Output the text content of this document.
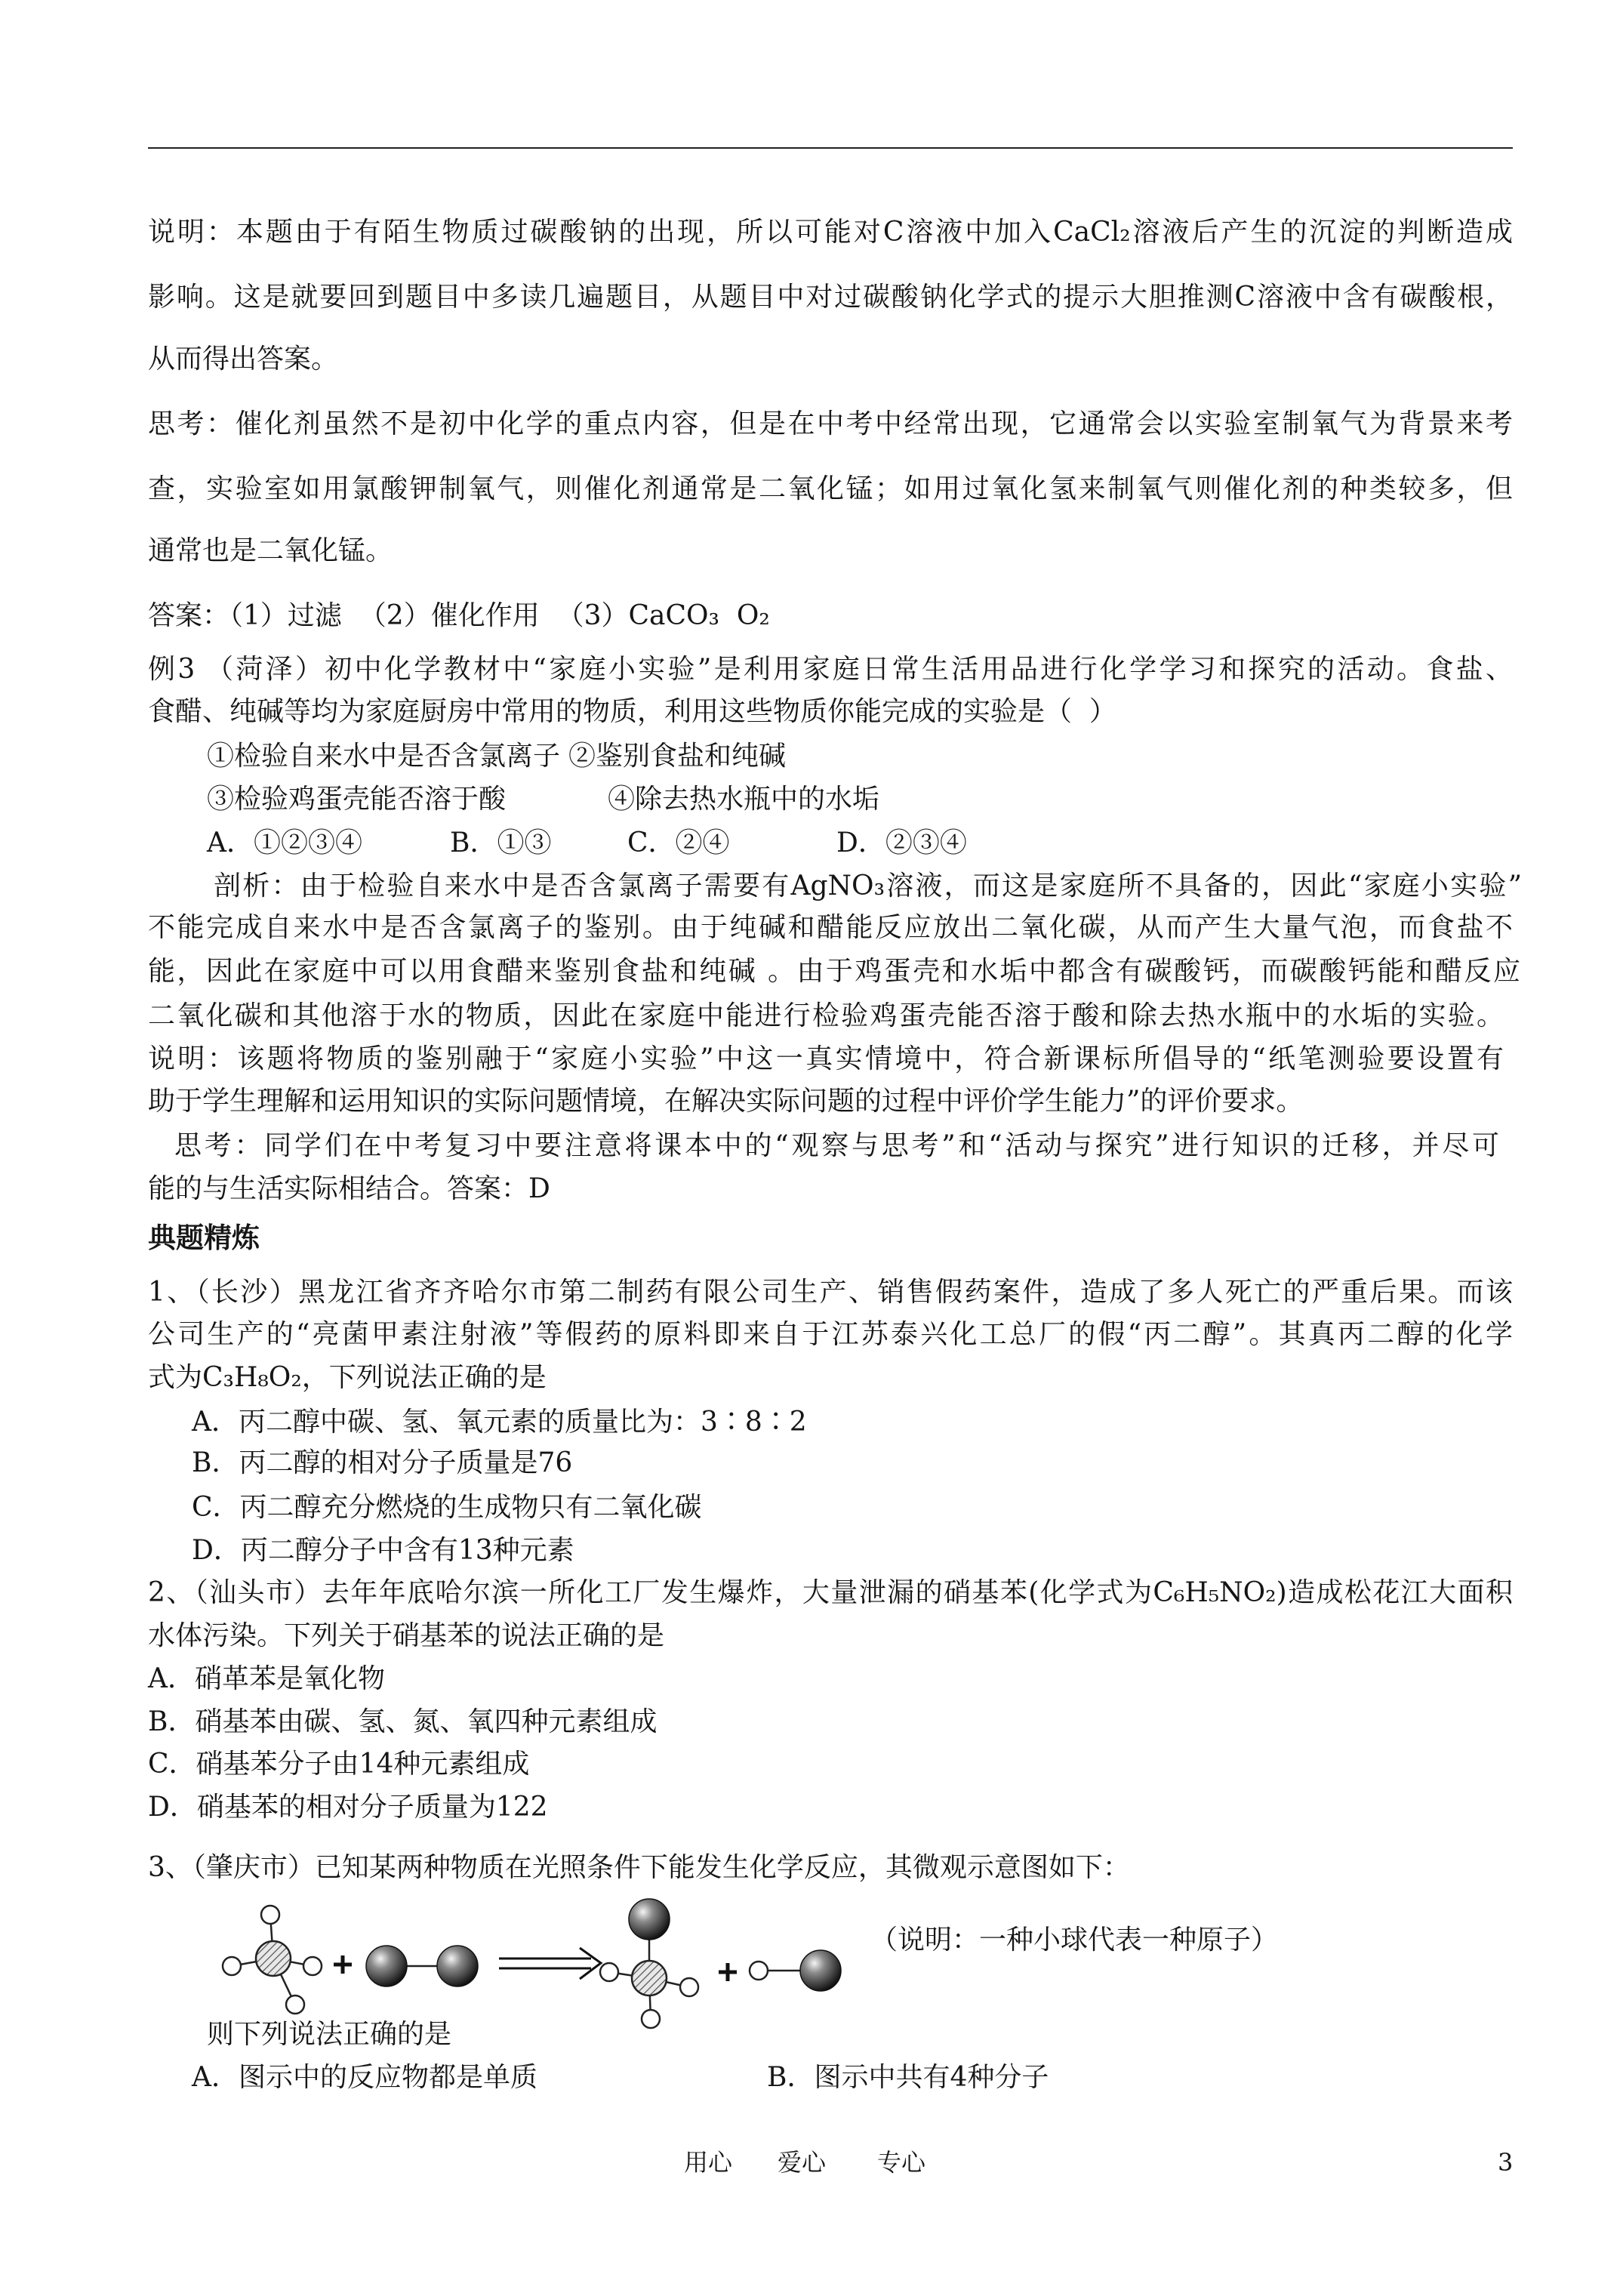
说明：本题由于有陌生物质过碳酸钠的出现，所以可能对C溶液中加入CaCl₂溶液后产生的沉淀的判断造成
影响。这是就要回到题目中多读几遍题目，从题目中对过碳酸钠化学式的提示大胆推测C溶液中含有碳酸根，
从而得出答案。
思考：催化剂虽然不是初中化学的重点内容，但是在中考中经常出现，它通常会以实验室制氧气为背景来考
查，实验室如用氯酸钾制氧气，则催化剂通常是二氧化锰；如用过氧化氢来制氧气则催化剂的种类较多，但
通常也是二氧化锰。
答案：（1）过滤  （2）催化作用  （3）CaCO₃  O₂
例3 （菏泽）初中化学教材中“家庭小实验”是利用家庭日常生活用品进行化学学习和探究的活动。食盐、
食醋、纯碱等均为家庭厨房中常用的物质，利用这些物质你能完成的实验是（  ）
①检验自来水中是否含氯离子 ②鉴别食盐和纯碱
③检验鸡蛋壳能否溶于酸	④除去热水瓶中的水垢
A．①②③④	B．①③	C．②④	D．②③④
剖析：由于检验自来水中是否含氯离子需要有AgNO₃溶液，而这是家庭所不具备的，因此“家庭小实验”
不能完成自来水中是否含氯离子的鉴别。由于纯碱和醋能反应放出二氧化碳，从而产生大量气泡，而食盐不
能，因此在家庭中可以用食醋来鉴别食盐和纯碱 。由于鸡蛋壳和水垢中都含有碳酸钙，而碳酸钙能和醋反应
二氧化碳和其他溶于水的物质，因此在家庭中能进行检验鸡蛋壳能否溶于酸和除去热水瓶中的水垢的实验。
说明：该题将物质的鉴别融于“家庭小实验”中这一真实情境中，符合新课标所倡导的“纸笔测验要设置有
助于学生理解和运用知识的实际问题情境，在解决实际问题的过程中评价学生能力”的评价要求。
思考：同学们在中考复习中要注意将课本中的“观察与思考”和“活动与探究”进行知识的迁移，并尽可
能的与生活实际相结合。答案：D
典题精炼
1、（长沙）黑龙江省齐齐哈尔市第二制药有限公司生产、销售假药案件，造成了多人死亡的严重后果。而该
公司生产的“亮菌甲素注射液”等假药的原料即来自于江苏泰兴化工总厂的假“丙二醇”。其真丙二醇的化学
式为C₃H₈O₂，下列说法正确的是
A．丙二醇中碳、氢、氧元素的质量比为：3∶8∶2
B．丙二醇的相对分子质量是76
C．丙二醇充分燃烧的生成物只有二氧化碳
D．丙二醇分子中含有13种元素
2、（汕头市）去年年底哈尔滨一所化工厂发生爆炸，大量泄漏的硝基苯(化学式为C₆H₅NO₂)造成松花江大面积
水体污染。下列关于硝基苯的说法正确的是
A．硝革苯是氧化物
B．硝基苯由碳、氢、氮、氧四种元素组成
C．硝基苯分子由14种元素组成
D．硝基苯的相对分子质量为122
3、（肇庆市）已知某两种物质在光照条件下能发生化学反应，其微观示意图如下：
（说明：一种小球代表一种原子）
则下列说法正确的是
A．图示中的反应物都是单质	B．图示中共有4种分子
用心 爱心 专心	3
